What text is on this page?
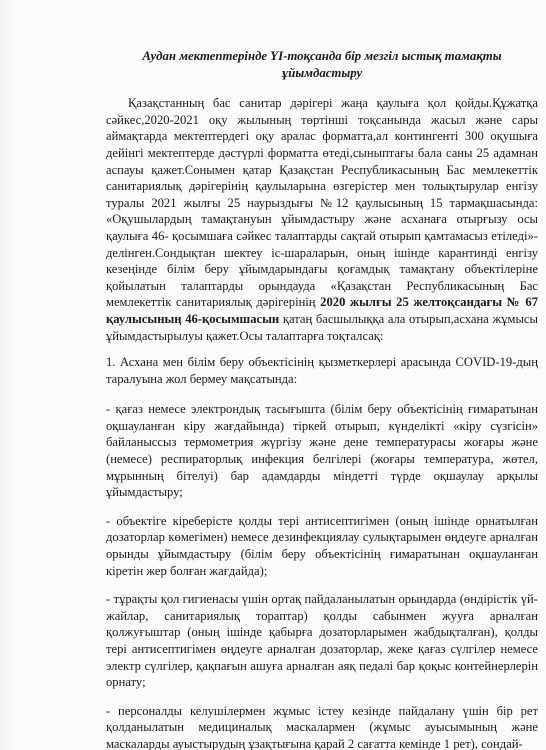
Аудан мектептерінде ҮІ-тоқсанда бір мезгіл ыстық тамақты
ұйымдастыру

Қазақстанның бас санитар дәрігері жаңа қаулыға қол қойды.Құжатқа сәйкес,2020-2021 оқу жылының төртінші тоқсанында жасыл және сары аймақтарда мектептердегі оқу аралас форматта,ал контингенті 300 оқушыға дейінгі мектептерде дәстүрлі форматта өтеді,сыныптағы бала саны 25 адамнан аспауы қажет.Сонымен қатар Қазақстан Республикасының Бас мемлекеттік санитариялық дәрігерінің қаулыларына өзгерістер мен толықтырулар енгізу туралы 2021 жылғы 25 наурыздығы №12 қаулысының 15 тармақшасында: «Оқушылардың тамақтануын ұйымдастыру және асханаға отырғызу осы қаулыға 46- қосымшаға сәйкес талаптарды сақтай отырып қамтамасыз етіледі»-делінген.Сондықтан шектеу іс-шараларын, оның ішінде карантинді енгізу кезеңінде білім беру ұйымдарындағы қоғамдық тамақтану объектілеріне қойылатын талаптарды орындауда «Қазақстан Республикасының Бас мемлекеттік санитариялық дәрігерінің 2020 жылғы 25 желтоқсандағы № 67 қаулысының 46-қосымшасын қатаң басшылыққа ала отырып,асхана жұмысы ұйымдастырылуы қажет.Осы талаптарға тоқталсақ:

1. Асхана мен білім беру объектісінің қызметкерлері арасында COVID-19-дың таралуына жол бермеу мақсатында:

- қағаз немесе электрондық тасығышта (білім беру объектісінің ғимаратынан оқшауланған кіру жағдайында) тіркей отырып, күнделікті «кіру сүзгісін» байланыссыз термометрия жүргізу және дене температурасы жоғары және (немесе) респираторлық инфекция белгілері (жоғары температура, жөтел, мұрынның бітелуі) бар адамдарды міндетті түрде оқшаулау арқылы ұйымдастыру;

- объектіге кіреберісте қолды тері антисептигімен (оның ішінде орнатылған дозаторлар көмегімен) немесе дезинфекциялау сулықтарымен өңдеуге арналған орынды ұйымдастыру (білім беру объектісінің ғимаратынан оқшауланған кіретін жер болған жағдайда);

- тұрақты қол гигиенасы үшін ортақ пайдаланылатын орындарда (өндірістік үй-жайлар, санитариялық тораптар) қолды сабынмен жууға арналған қолжуғыштар (оның ішінде қабырға дозаторларымен жабдықталған), қолды тері антисептигімен өңдеуге арналған дозаторлар, жеке қағаз сүлгілер немесе электр сүлгілер, қақпағын ашуға арналған аяқ педалі бар қоқыс контейнерлерін орнату;

- персоналды келушілермен жұмыс істеу кезінде пайдалану үшін бір рет қолданылатын медициналық маскалармен (жұмыс ауысымының және маскаларды ауыстырудың ұзақтығына қарай 2 сағатта кемінде 1 рет), сондай-
